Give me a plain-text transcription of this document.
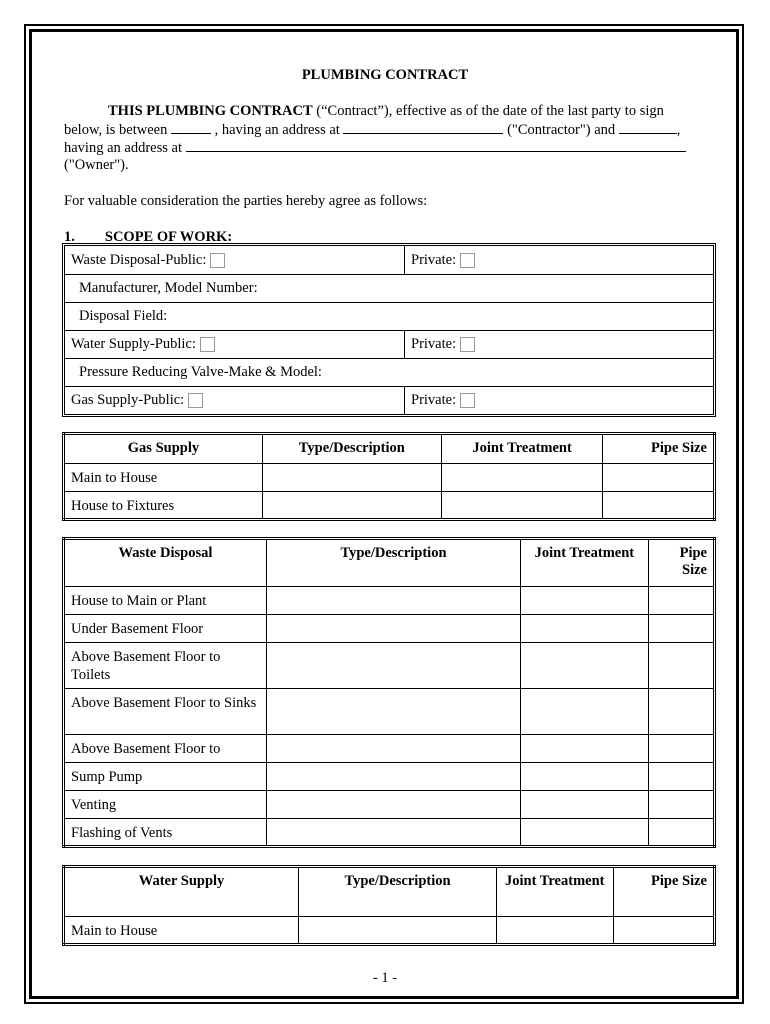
PLUMBING CONTRACT
THIS PLUMBING CONTRACT (“Contract”), effective as of the date of the last party to sign
below, is between	, having an address at	("Contractor") and	,
having an address at
("Owner").
For valuable consideration the parties hereby agree as follows:
1. SCOPE OF WORK:
Waste Disposal-Public:	Private:
Manufacturer, Model Number:
Disposal Field:
Water Supply-Public:	Private:
Pressure Reducing Valve-Make & Model:
Gas Supply-Public:	Private:
Gas Supply	Type/Description	Joint Treatment	Pipe Size
Main to House			
House to Fixtures			
Waste Disposal	Type/Description	Joint Treatment	Pipe Size
House to Main or Plant			
Under Basement Floor			
Above Basement Floor to Toilets			
Above Basement Floor to Sinks			
Above Basement Floor to			
Sump Pump			
Venting			
Flashing of Vents			
Water Supply	Type/Description	Joint Treatment	Pipe Size
Main to House			
- 1 -
